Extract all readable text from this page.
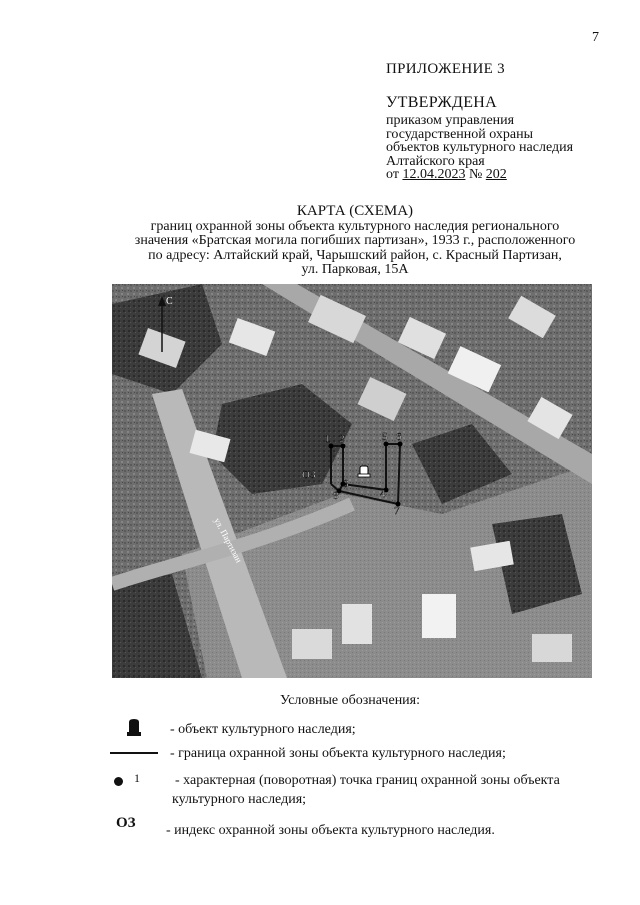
7
ПРИЛОЖЕНИЕ 3
УТВЕРЖДЕНА
приказом управления
государственной охраны
объектов культурного наследия
Алтайского края
от 12.04.2023 № 202
КАРТА (СХЕМА)
границ охранной зоны объекта культурного наследия регионального
значения «Братская могила погибших партизан», 1933 г., расположенного
по адресу: Алтайский край, Чарышский район, с. Красный Партизан,
ул. Парковая, 15А
С
1 2
3
4
5 6
7
8
ОЗ
ул. Партизан
Условные обозначения:
- объект культурного наследия;
- граница охранной зоны объекта культурного наследия;
1	- характерная (поворотная) точка границ охранной зоны объекта
культурного наследия;
ОЗ - индекс охранной зоны объекта культурного наследия.
